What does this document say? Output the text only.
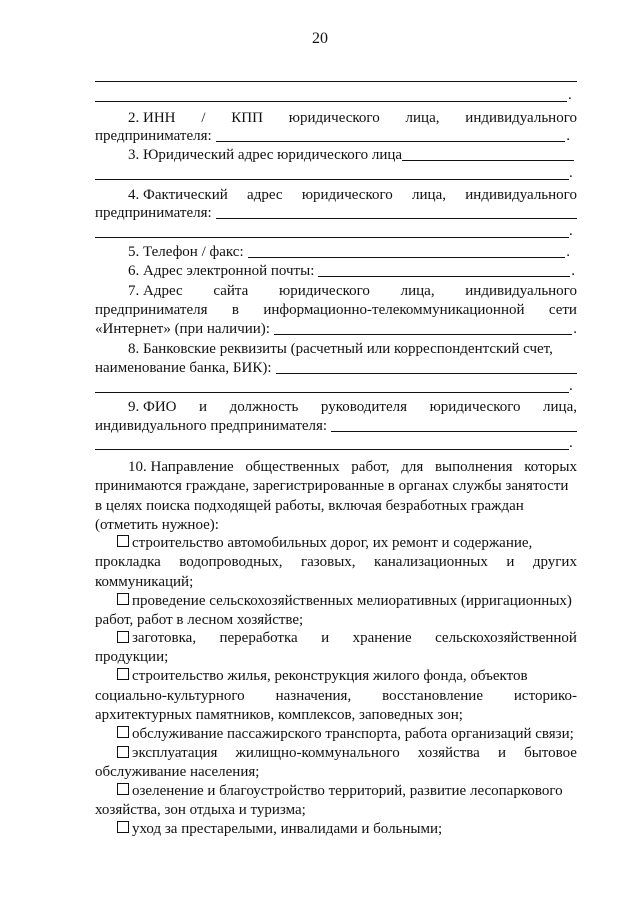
20
.
2. ИНН / КПП юридического лица, индивидуального
предпринимателя:	.
3. Юридический адрес юридического лица
.
4. Фактический адрес юридического лица, индивидуального
предпринимателя:
.
5. Телефон / факс:	.
6. Адрес электронной почты:	.
7. Адрес сайта юридического лица, индивидуального
предпринимателя в информационно-телекоммуникационной сети
«Интернет» (при наличии):	.
8. Банковские реквизиты (расчетный или корреспондентский счет,
наименование банка, БИК):
.
9. ФИО и должность руководителя юридического лица,
индивидуального предпринимателя:
.
10. Направление общественных работ, для выполнения которых
принимаются граждане, зарегистрированные в органах службы занятости
в целях поиска подходящей работы, включая безработных граждан
(отметить нужное):
строительство автомобильных дорог, их ремонт и содержание,
прокладка водопроводных, газовых, канализационных и других
коммуникаций;
проведение сельскохозяйственных мелиоративных (ирригационных)
работ, работ в лесном хозяйстве;
заготовка, переработка и хранение сельскохозяйственной
продукции;
строительство жилья, реконструкция жилого фонда, объектов
социально-культурного назначения, восстановление историко-
архитектурных памятников, комплексов, заповедных зон;
обслуживание пассажирского транспорта, работа организаций связи;
эксплуатация жилищно-коммунального хозяйства и бытовое
обслуживание населения;
озеленение и благоустройство территорий, развитие лесопаркового
хозяйства, зон отдыха и туризма;
уход за престарелыми, инвалидами и больными;
